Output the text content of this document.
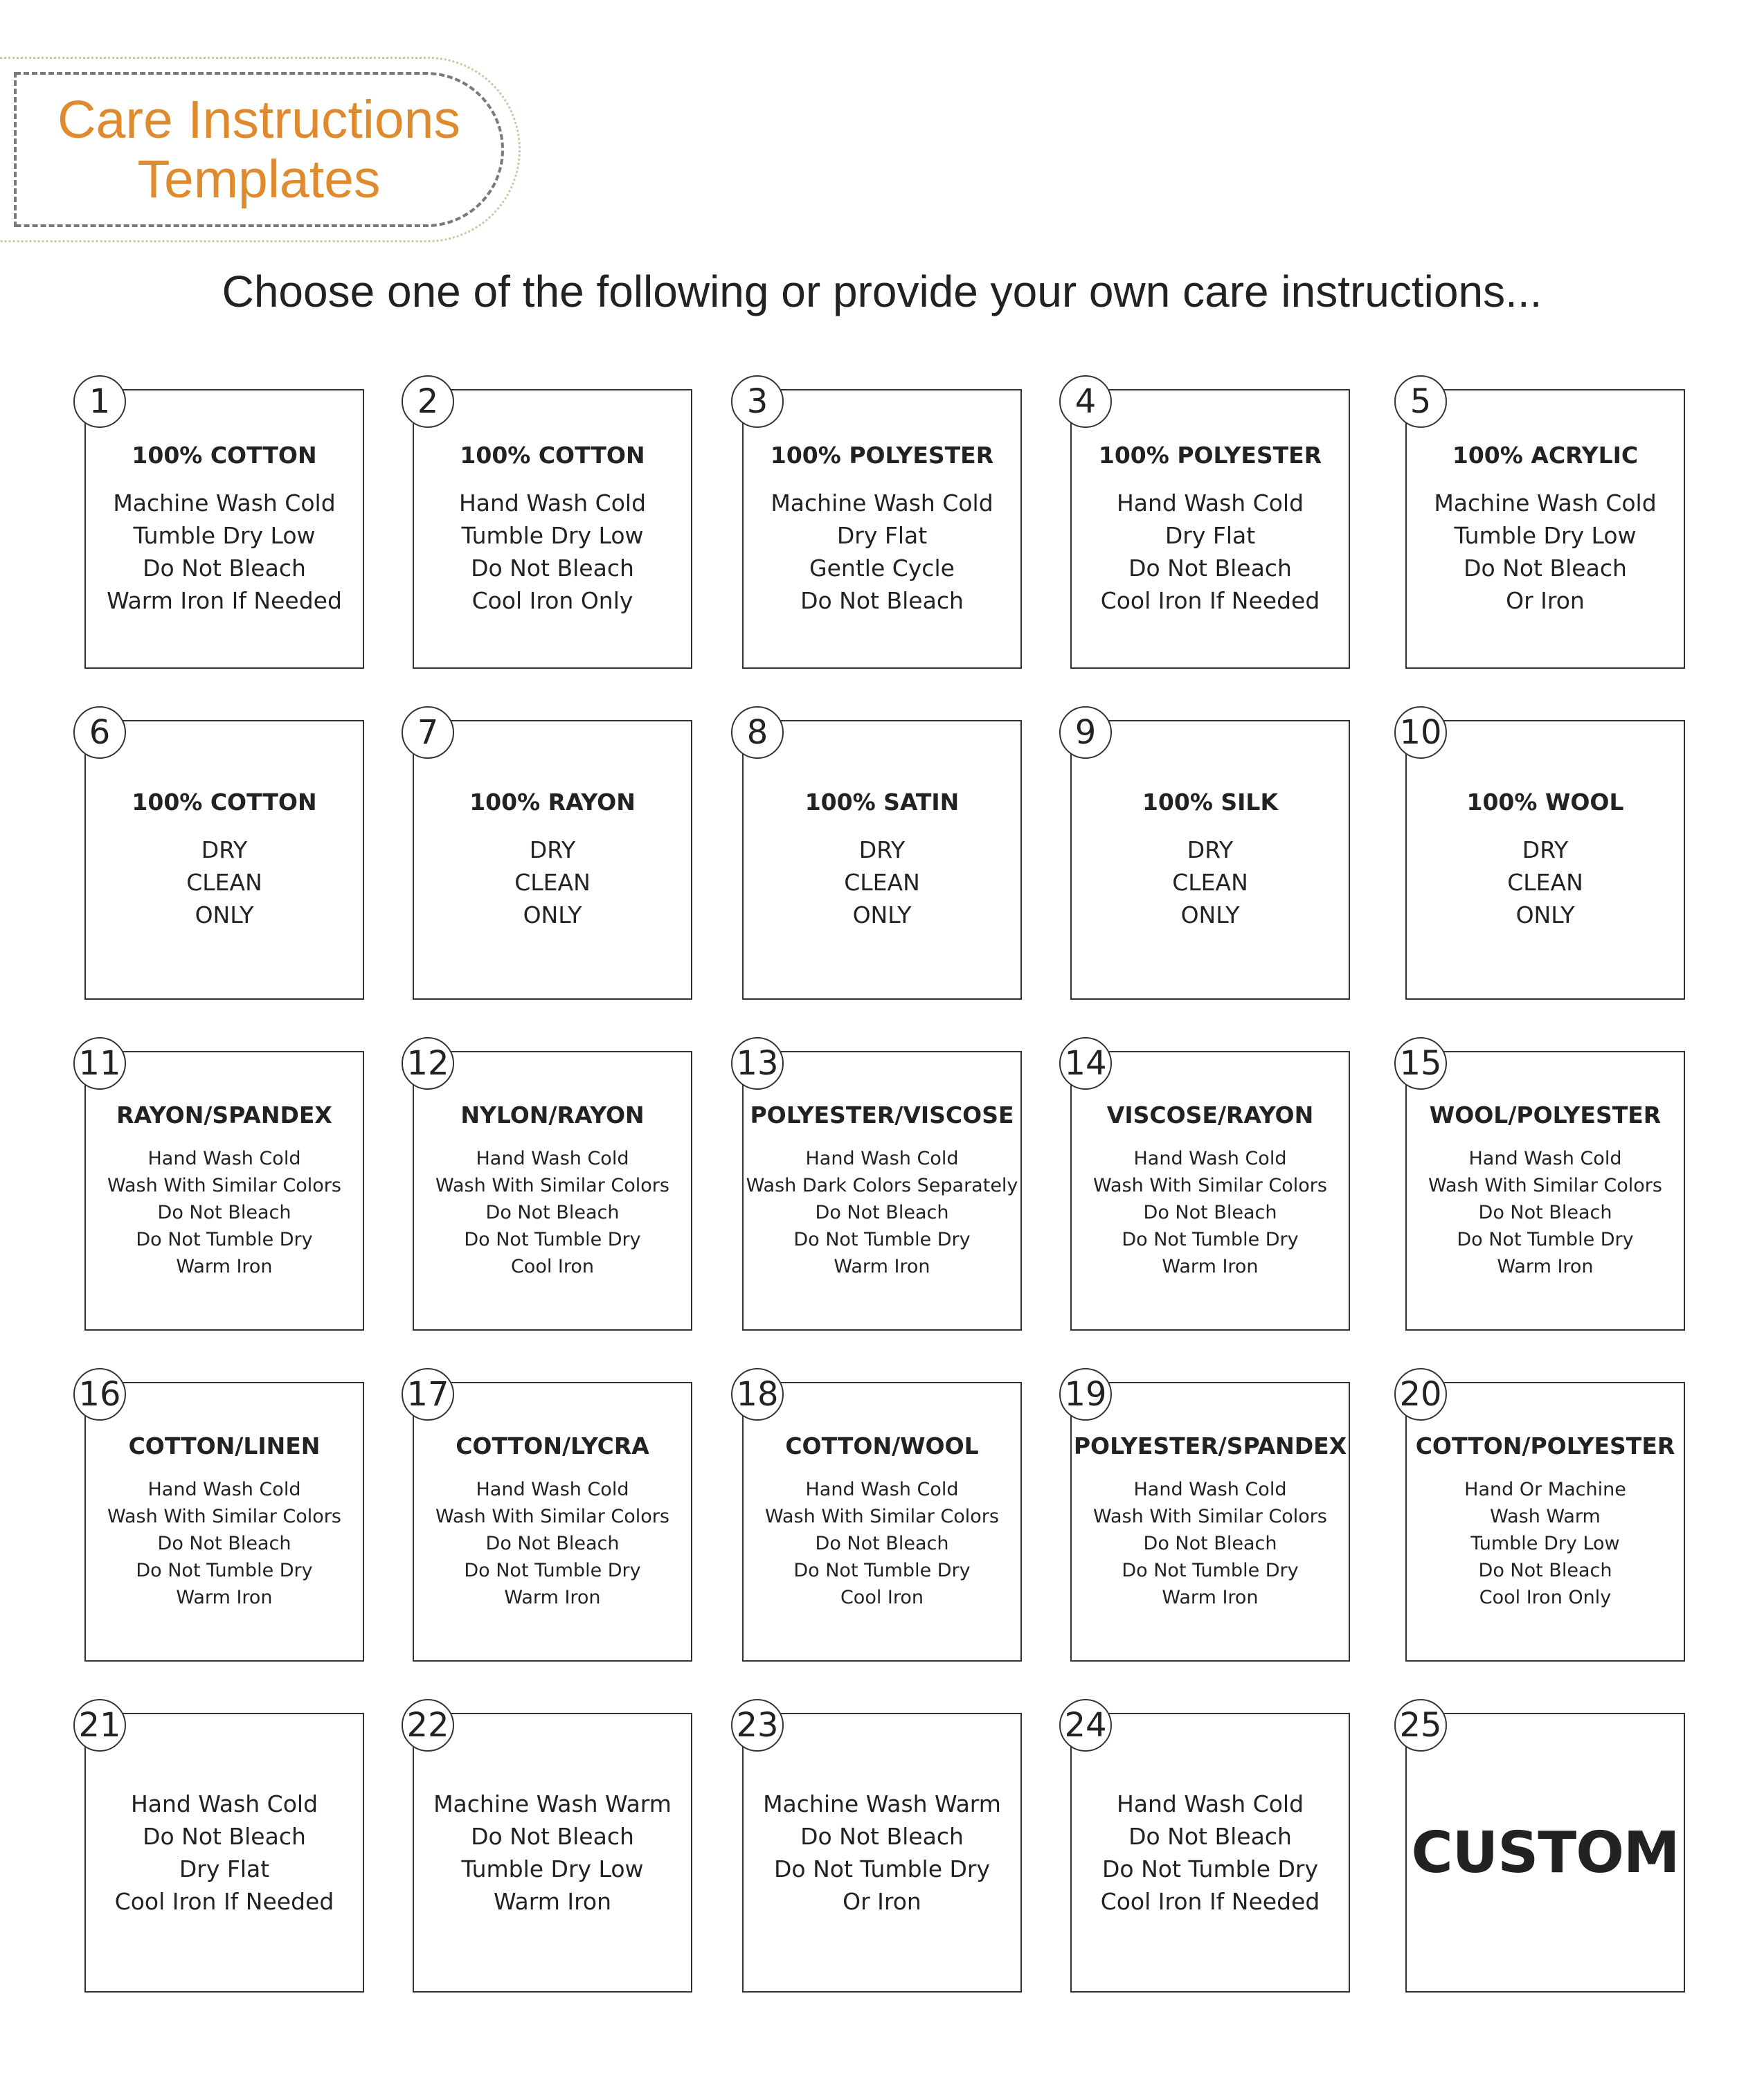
Care Instructions
Templates
Choose one of the following or provide your own care instructions...
100% COTTON
Machine Wash Cold
Tumble Dry Low
Do Not Bleach
Warm Iron If Needed
1
100% COTTON
Hand Wash Cold
Tumble Dry Low
Do Not Bleach
Cool Iron Only
2
100% POLYESTER
Machine Wash Cold
Dry Flat
Gentle Cycle
Do Not Bleach
3
100% POLYESTER
Hand Wash Cold
Dry Flat
Do Not Bleach
Cool Iron If Needed
4
100% ACRYLIC
Machine Wash Cold
Tumble Dry Low
Do Not Bleach
Or Iron
5
100% COTTON
DRY
CLEAN
ONLY
6
100% RAYON
DRY
CLEAN
ONLY
7
100% SATIN
DRY
CLEAN
ONLY
8
100% SILK
DRY
CLEAN
ONLY
9
100% WOOL
DRY
CLEAN
ONLY
10
RAYON/SPANDEX
Hand Wash Cold
Wash With Similar Colors
Do Not Bleach
Do Not Tumble Dry
Warm Iron
11
NYLON/RAYON
Hand Wash Cold
Wash With Similar Colors
Do Not Bleach
Do Not Tumble Dry
Cool Iron
12
POLYESTER/VISCOSE
Hand Wash Cold
Wash Dark Colors Separately
Do Not Bleach
Do Not Tumble Dry
Warm Iron
13
VISCOSE/RAYON
Hand Wash Cold
Wash With Similar Colors
Do Not Bleach
Do Not Tumble Dry
Warm Iron
14
WOOL/POLYESTER
Hand Wash Cold
Wash With Similar Colors
Do Not Bleach
Do Not Tumble Dry
Warm Iron
15
COTTON/LINEN
Hand Wash Cold
Wash With Similar Colors
Do Not Bleach
Do Not Tumble Dry
Warm Iron
16
COTTON/LYCRA
Hand Wash Cold
Wash With Similar Colors
Do Not Bleach
Do Not Tumble Dry
Warm Iron
17
COTTON/WOOL
Hand Wash Cold
Wash With Similar Colors
Do Not Bleach
Do Not Tumble Dry
Cool Iron
18
POLYESTER/SPANDEX
Hand Wash Cold
Wash With Similar Colors
Do Not Bleach
Do Not Tumble Dry
Warm Iron
19
COTTON/POLYESTER
Hand Or Machine
Wash Warm
Tumble Dry Low
Do Not Bleach
Cool Iron Only
20
Hand Wash Cold
Do Not Bleach
Dry Flat
Cool Iron If Needed
21
Machine Wash Warm
Do Not Bleach
Tumble Dry Low
Warm Iron
22
Machine Wash Warm
Do Not Bleach
Do Not Tumble Dry
Or Iron
23
Hand Wash Cold
Do Not Bleach
Do Not Tumble Dry
Cool Iron If Needed
24
CUSTOM
25
